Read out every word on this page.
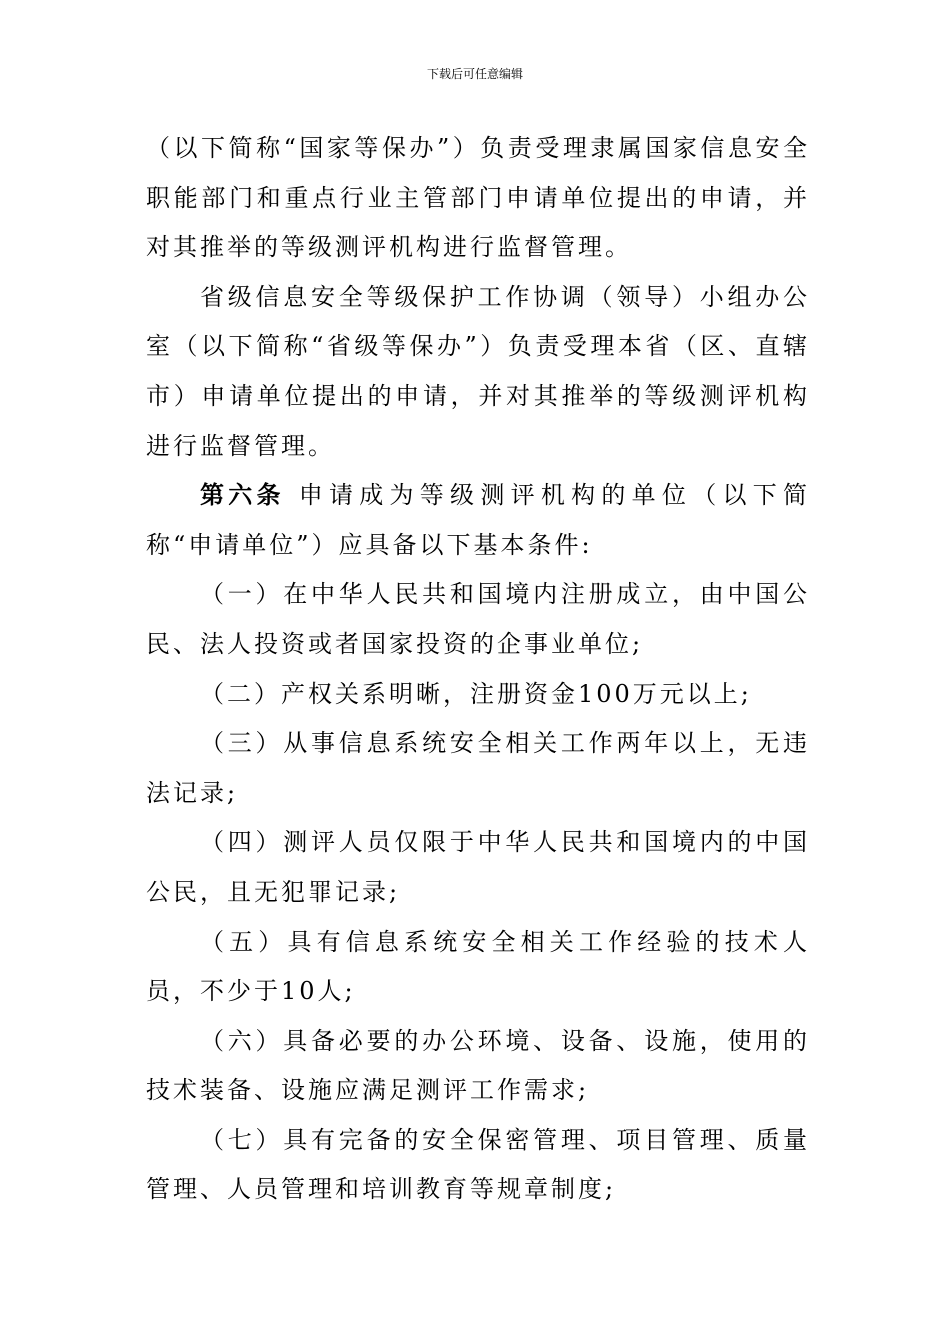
下载后可任意编辑

（以下简称“国家等保办”）负责受理隶属国家信息安全职能部门和重点行业主管部门申请单位提出的申请，并对其推举的等级测评机构进行监督管理。

省级信息安全等级保护工作协调（领导）小组办公室（以下简称“省级等保办”）负责受理本省（区、直辖市）申请单位提出的申请，并对其推举的等级测评机构进行监督管理。

第六条 申请成为等级测评机构的单位（以下简称“申请单位”）应具备以下基本条件:

（一）在中华人民共和国境内注册成立，由中国公民、法人投资或者国家投资的企事业单位;

（二）产权关系明晰，注册资金100万元以上;

（三）从事信息系统安全相关工作两年以上，无违法记录;

（四）测评人员仅限于中华人民共和国境内的中国公民，且无犯罪记录;

（五）具有信息系统安全相关工作经验的技术人员，不少于10人;

（六）具备必要的办公环境、设备、设施，使用的技术装备、设施应满足测评工作需求;

（七）具有完备的安全保密管理、项目管理、质量管理、人员管理和培训教育等规章制度;
